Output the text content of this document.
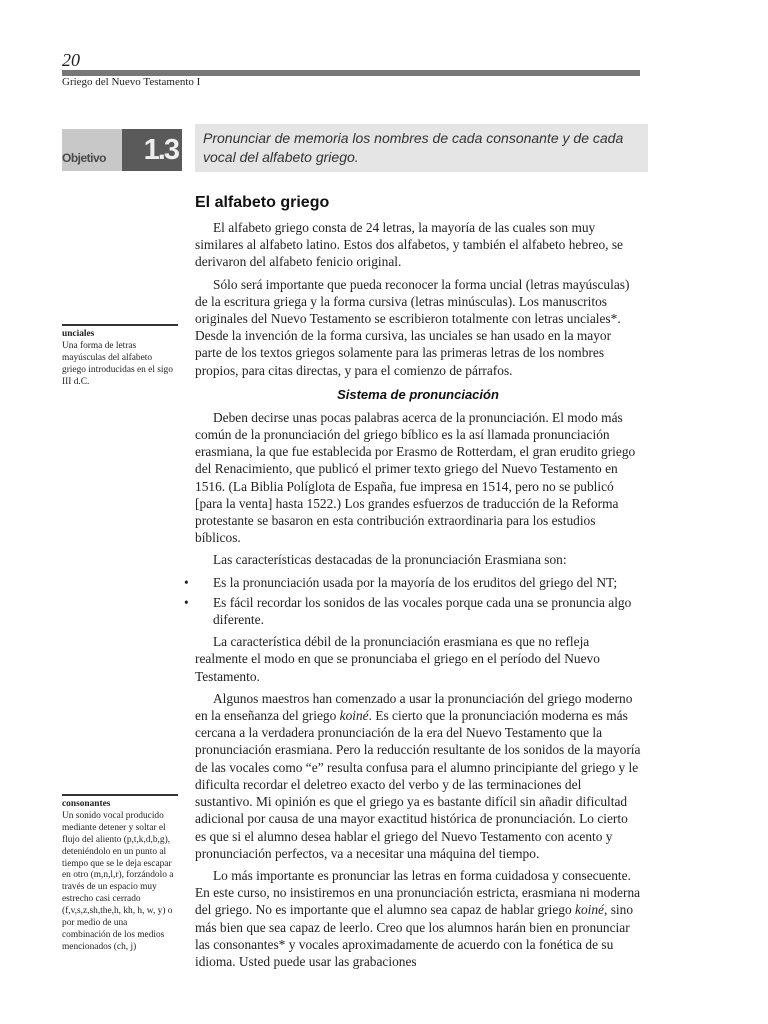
20
Griego del Nuevo Testamento I
Objetivo	1.3	Pronunciar de memoria los nombres de cada consonante y de cada vocal del alfabeto griego.
El alfabeto griego

El alfabeto griego consta de 24 letras, la mayoría de las cuales son muy similares al alfabeto latino. Estos dos alfabetos, y también el alfabeto hebreo, se derivaron del alfabeto fenicio original.

Sólo será importante que pueda reconocer la forma uncial (letras mayúsculas) de la escritura griega y la forma cursiva (letras minúsculas). Los manuscritos originales del Nuevo Testamento se escribieron totalmente con letras unciales*. Desde la invención de la forma cursiva, las unciales se han usado en la mayor parte de los textos griegos solamente para las primeras letras de los nombres propios, para citas directas, y para el comienzo de párrafos.

Sistema de pronunciación

Deben decirse unas pocas palabras acerca de la pronunciación. El modo más común de la pronunciación del griego bíblico es la así llamada pronunciación erasmiana, la que fue establecida por Erasmo de Rotterdam, el gran erudito griego del Renacimiento, que publicó el primer texto griego del Nuevo Testamento en 1516. (La Biblia Políglota de España, fue impresa en 1514, pero no se publicó [para la venta] hasta 1522.) Los grandes esfuerzos de traducción de la Reforma protestante se basaron en esta contribución extraordinaria para los estudios bíblicos.

Las características destacadas de la pronunciación Erasmiana son:

• Es la pronunciación usada por la mayoría de los eruditos del griego del NT;
• Es fácil recordar los sonidos de las vocales porque cada una se pronuncia algo diferente.

La característica débil de la pronunciación erasmiana es que no refleja realmente el modo en que se pronunciaba el griego en el período del Nuevo Testamento.

Algunos maestros han comenzado a usar la pronunciación del griego moderno en la enseñanza del griego koiné. Es cierto que la pronunciación moderna es más cercana a la verdadera pronunciación de la era del Nuevo Testamento que la pronunciación erasmiana. Pero la reducción resultante de los sonidos de la mayoría de las vocales como “e” resulta confusa para el alumno principiante del griego y le dificulta recordar el deletreo exacto del verbo y de las terminaciones del sustantivo. Mi opinión es que el griego ya es bastante difícil sin añadir dificultad adicional por causa de una mayor exactitud histórica de pronunciación. Lo cierto es que si el alumno desea hablar el griego del Nuevo Testamento con acento y pronunciación perfectos, va a necesitar una máquina del tiempo.

Lo más importante es pronunciar las letras en forma cuidadosa y consecuente. En este curso, no insistiremos en una pronunciación estricta, erasmiana ni moderna del griego. No es importante que el alumno sea capaz de hablar griego koiné, sino más bien que sea capaz de leerlo. Creo que los alumnos harán bien en pronunciar las consonantes* y vocales aproximadamente de acuerdo con la fonética de su idioma. Usted puede usar las grabaciones

unciales
Una forma de letras mayúsculas del alfabeto griego introducidas en el sigo III d.C.
consonantes
Un sonido vocal producido mediante detener y soltar el flujo del aliento (p,t,k,d,b,g), deteniéndolo en un punto al tiempo que se le deja escapar en otro (m,n,l,r), forzándolo a través de un espacio muy estrecho casi cerrado (f,v,s,z,sh,the,h, kh, h, w, y) o por medio de una combinación de los medios mencionados (ch, j)
